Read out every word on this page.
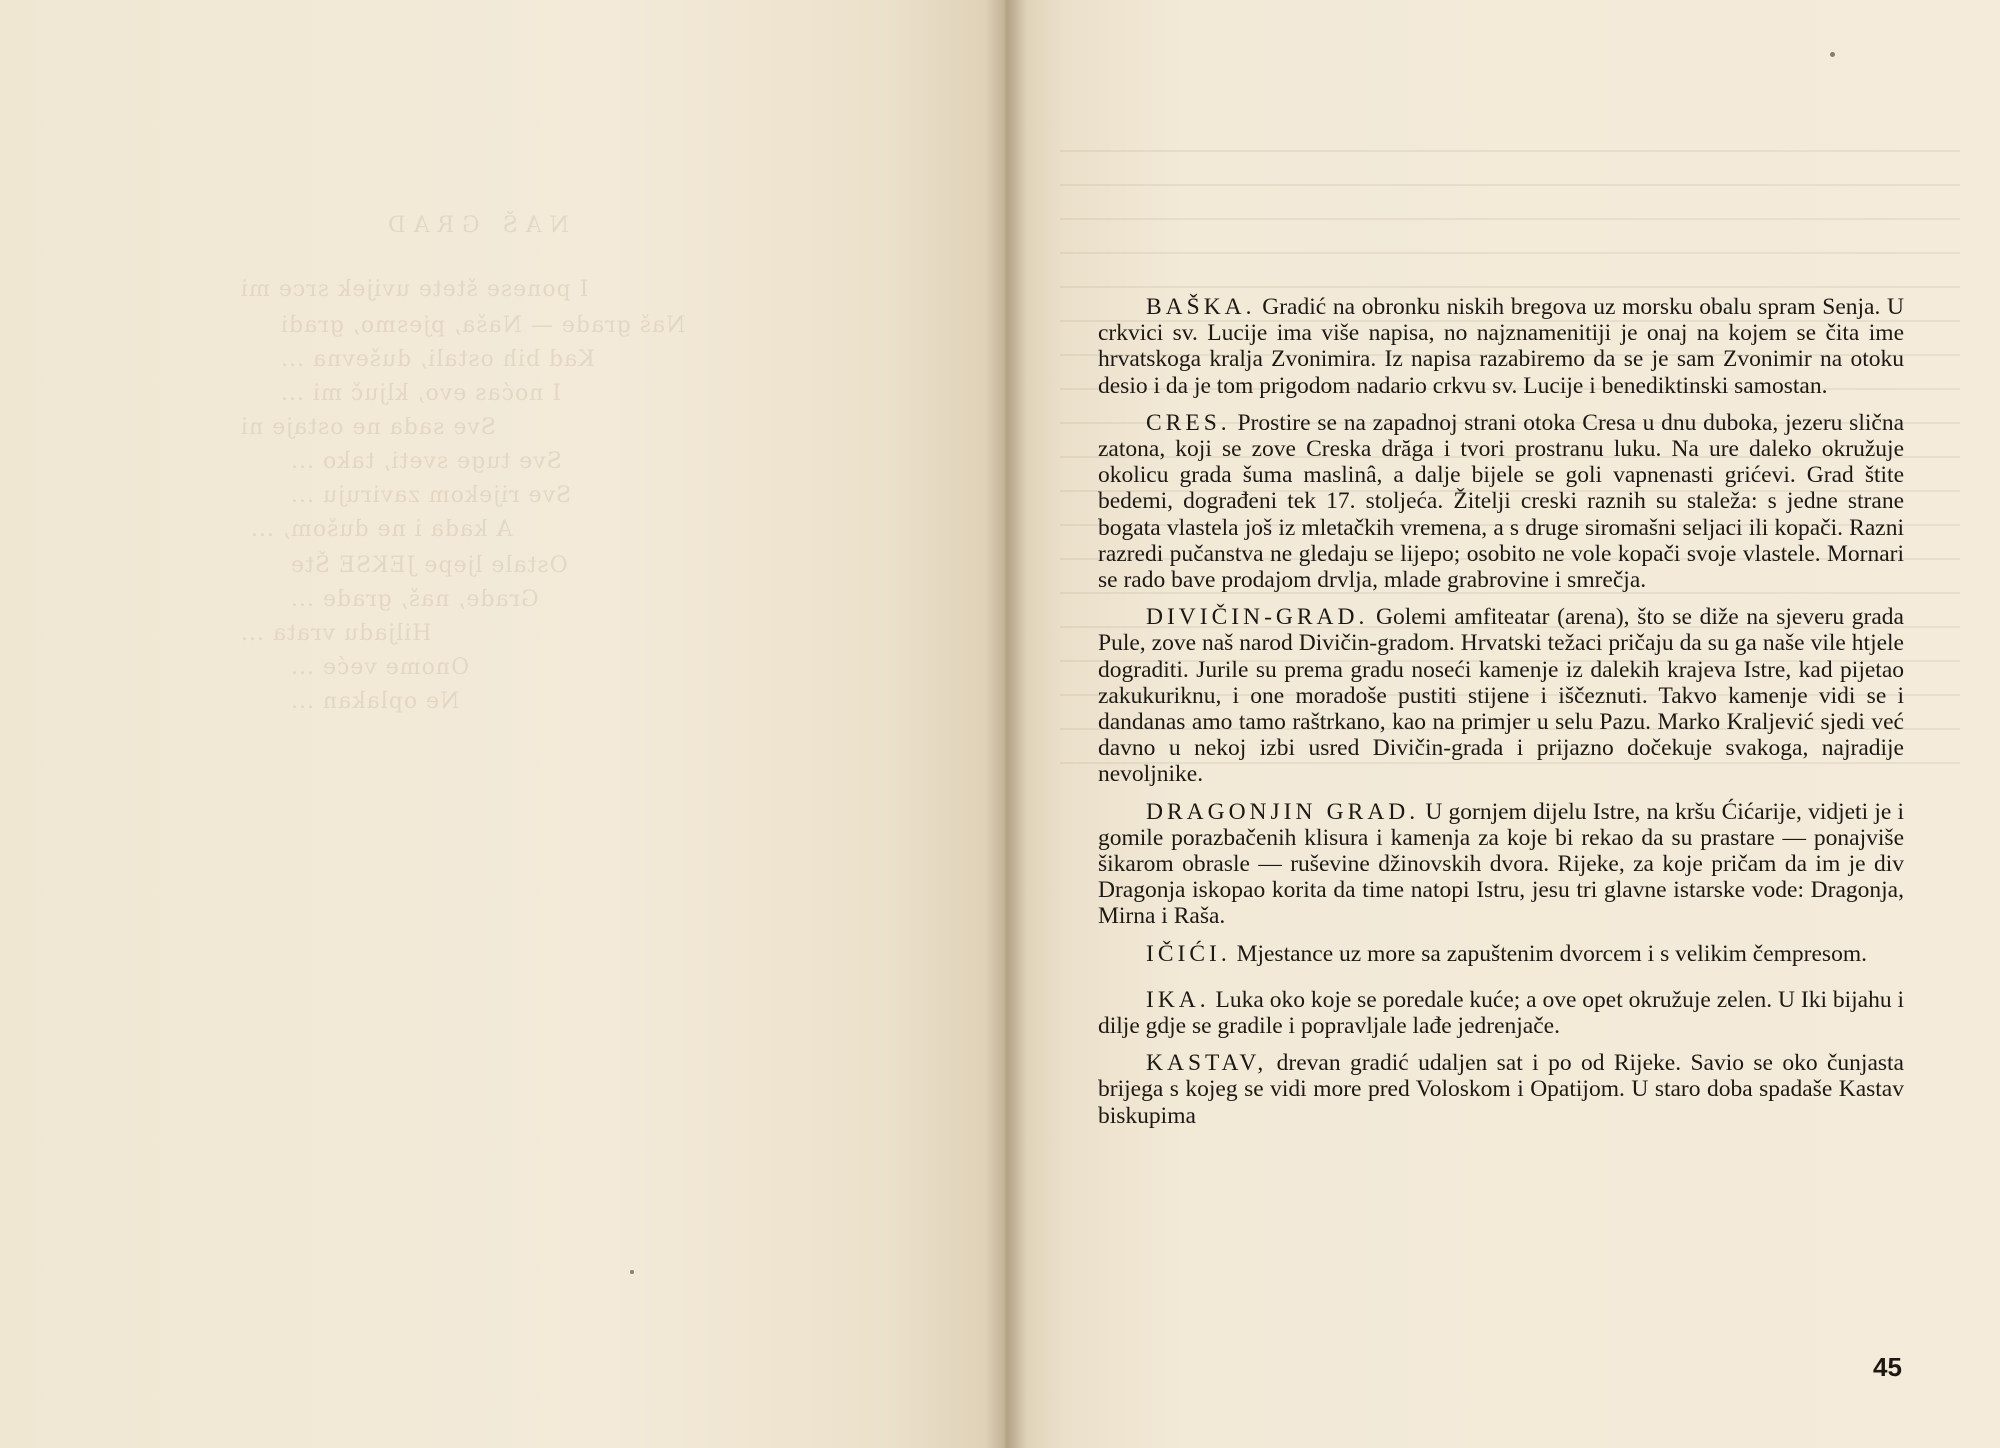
NAŠ GRAD
I ponese štete uvijek srce mi
Naš grade — Naša, pjesmo, gradi
Kad bih ostali, duševna ...
I noćas evo, ključ mi ...
Sve sada ne ostaje ni
Sve tuge sveti, tako ...
Sve rijekom zaviruju ...
A kada i ne dušom, ...
Ostale ljepe JEKSE Šte
Grade, naš, grade ...
Hiljadu vrata ...
Onome veće ...
Ne oplakan ...

BAŠKA. Gradić na obronku niskih bregova uz morsku obalu spram Senja. U crkvici sv. Lucije ima više napisa, no najznamenitiji je onaj na kojem se čita ime hrvatskoga kralja Zvonimira. Iz napisa razabiremo da se je sam Zvonimir na otoku desio i da je tom prigodom nadario crkvu sv. Lucije i benediktinski samostan.

CRES. Prostire se na zapadnoj strani otoka Cresa u dnu duboka, jezeru slična zatona, koji se zove Creska drăga i tvori prostranu luku. Na ure daleko okružuje okolicu grada šuma maslinâ, a dalje bijele se goli vapnenasti grićevi. Grad štite bedemi, dograđeni tek 17. stoljeća. Žitelji creski raznih su staleža: s jedne strane bogata vlastela još iz mletačkih vremena, a s druge siromašni seljaci ili kopači. Razni razredi pučanstva ne gledaju se lijepo; osobito ne vole kopači svoje vlastele. Mornari se rado bave prodajom drvlja, mlade grabrovine i smrečja.

DIVIČIN-GRAD. Golemi amfiteatar (arena), što se diže na sjeveru grada Pule, zove naš narod Divičin-gradom. Hrvatski težaci pričaju da su ga naše vile htjele dograditi. Jurile su prema gradu noseći kamenje iz dalekih krajeva Istre, kad pijetao zakukuriknu, i one moradoše pustiti stijene i iščeznuti. Takvo kamenje vidi se i dandanas amo tamo raštrkano, kao na primjer u selu Pazu. Marko Kraljević sjedi već davno u nekoj izbi usred Divičin-grada i prijazno dočekuje svakoga, najradije nevoljnike.

DRAGONJIN GRAD. U gornjem dijelu Istre, na kršu Ćićarije, vidjeti je i gomile porazbačenih klisura i kamenja za koje bi rekao da su prastare — ponajviše šikarom obrasle — ruševine džinovskih dvora. Rijeke, za koje pričam da im je div Dragonja iskopao korita da time natopi Istru, jesu tri glavne istarske vode: Dragonja, Mirna i Raša.

IČIĆI. Mjestance uz more sa zapuštenim dvorcem i s velikim čempresom.

IKA. Luka oko koje se poredale kuće; a ove opet okružuje zelen. U Iki bijahu i dilje gdje se gradile i popravljale lađe jedrenjače.

KASTAV, drevan gradić udaljen sat i po od Rijeke. Savio se oko čunjasta brijega s kojeg se vidi more pred Voloskom i Opatijom. U staro doba spadaše Kastav biskupima

45
